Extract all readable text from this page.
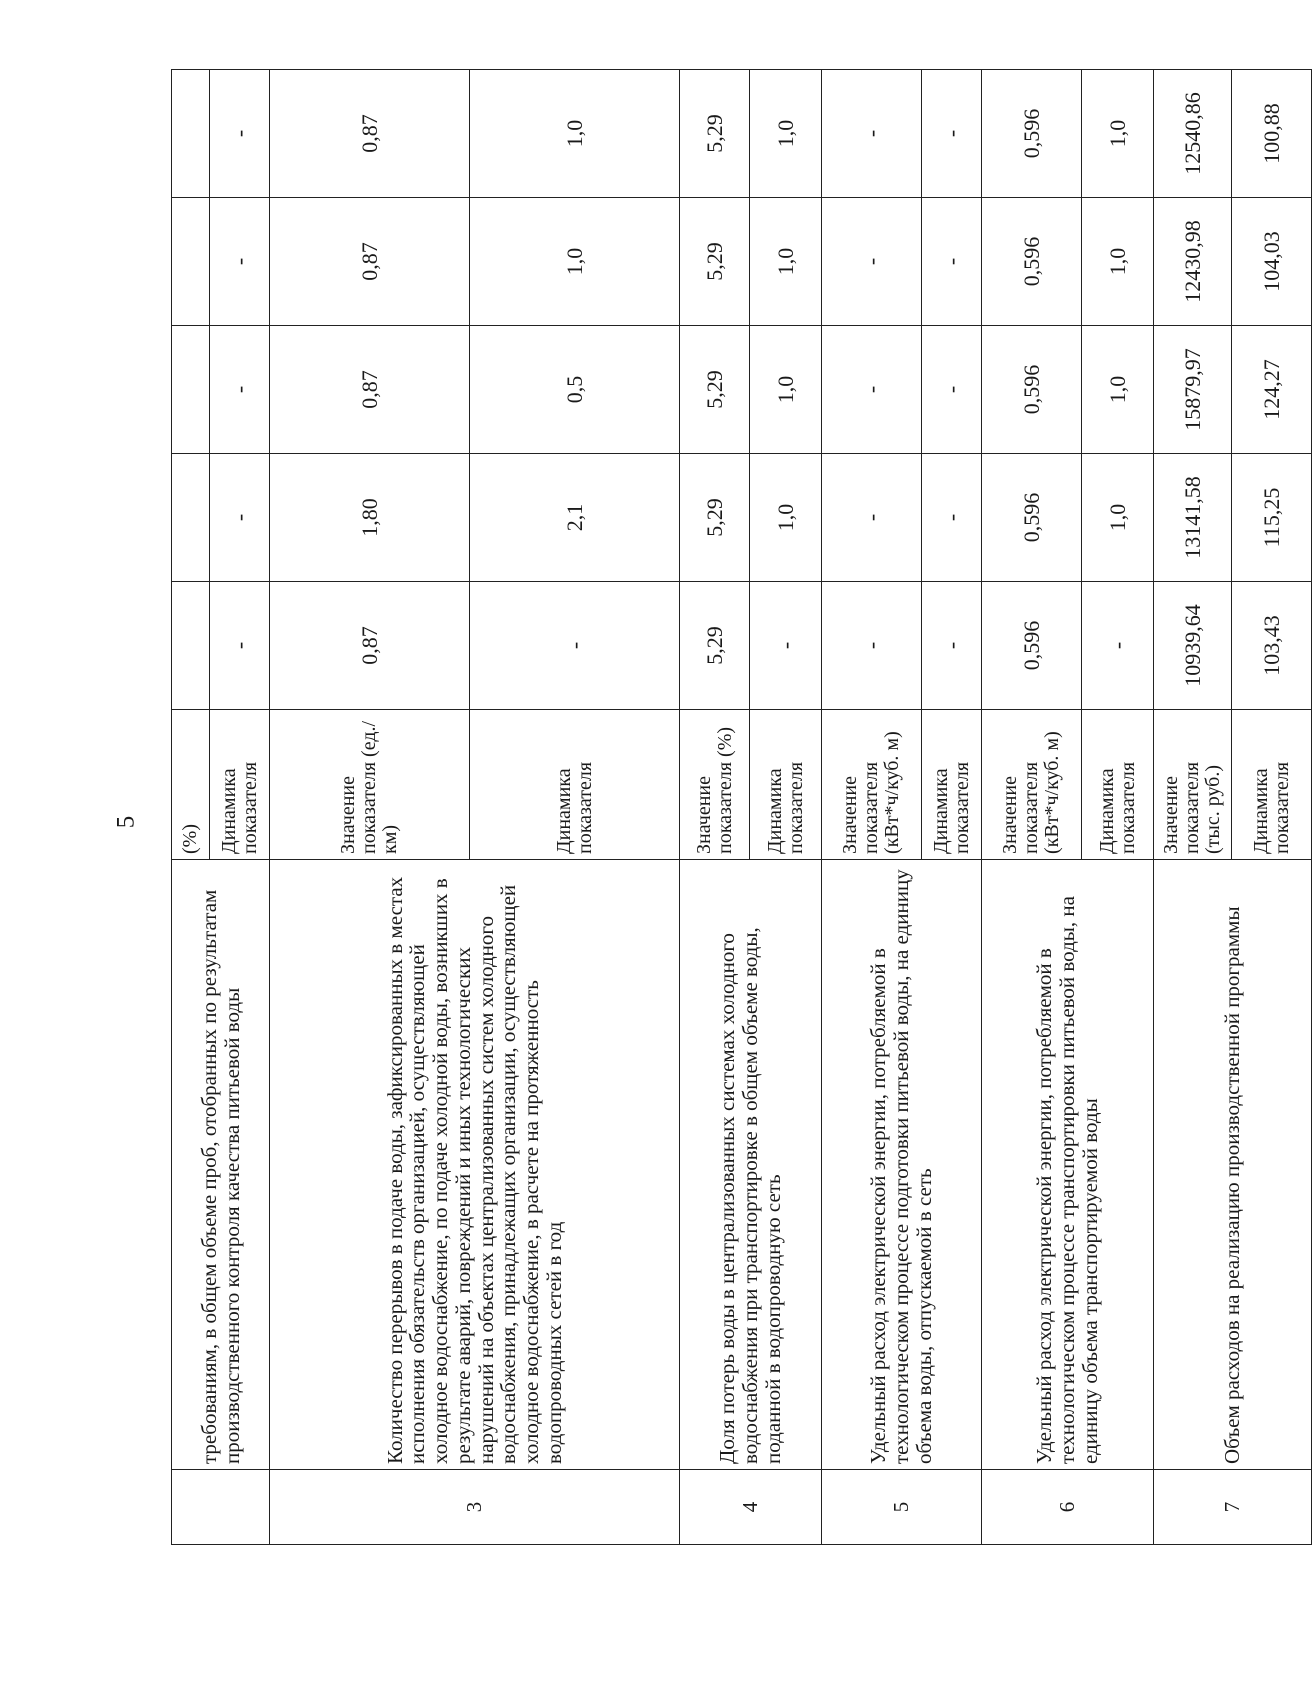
5
	требованиям, в общем объеме проб, отобранных по результатам производственного контроля качества питьевой воды	(%)					
		Динамика показателя	-	-	-	-	-
3	Количество перерывов в подаче воды, зафиксированных в местах исполнения обязательств организацией, осуществляющей холодное водоснабжение, по подаче холодной воды, возникших в результате аварий, повреждений и иных технологических нарушений на объектах централизованных систем холодного водоснабжения, принадлежащих организации, осуществляющей холодное водоснабжение, в расчете на протяженность водопроводных сетей в год	Значение показателя (ед./км)	0,87	1,80	0,87	0,87	0,87
		Динамика показателя	-	2,1	0,5	1,0	1,0
4	Доля потерь воды в централизованных системах холодного водоснабжения при транспортировке в общем объеме воды, поданной в водопроводную сеть	Значение показателя (%)	5,29	5,29	5,29	5,29	5,29
		Динамика показателя	-	1,0	1,0	1,0	1,0
5	Удельный расход электрической энергии, потребляемой в технологическом процессе подготовки питьевой воды, на единицу объема воды, отпускаемой в сеть	Значение показателя (кВт*ч/куб. м)	-	-	-	-	-
		Динамика показателя	-	-	-	-	-
6	Удельный расход электрической энергии, потребляемой в технологическом процессе транспортировки питьевой воды, на единицу объема транспортируемой воды	Значение показателя (кВт*ч/куб. м)	0,596	0,596	0,596	0,596	0,596
		Динамика показателя	-	1,0	1,0	1,0	1,0
7	Объем расходов на реализацию производственной программы	Значение показателя (тыс. руб.)	10939,64	13141,58	15879,97	12430,98	12540,86
		Динамика показателя	103,43	115,25	124,27	104,03	100,88
